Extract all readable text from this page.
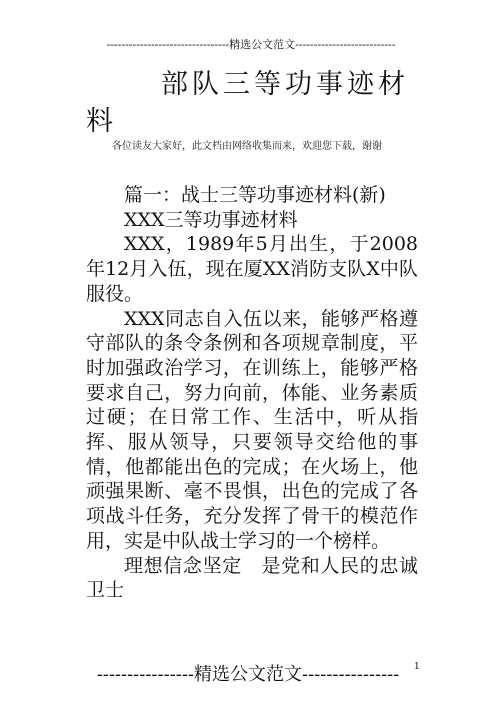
---------------------------------精选公文范文---------------------------
部队三等功事迹材料
各位读友大家好，此文档由网络收集而来，欢迎您下载，谢谢

篇一：战士三等功事迹材料(新)

XXX三等功事迹材料

XXX，1989年5月出生，于2008年12月入伍，现在厦XX消防支队X中队服役。

XXX同志自入伍以来，能够严格遵守部队的条令条例和各项规章制度，平时加强政治学习，在训练上，能够严格要求自己，努力向前，体能、业务素质过硬；在日常工作、生活中，听从指挥、服从领导，只要领导交给他的事情，他都能出色的完成；在火场上，他顽强果断、毫不畏惧，出色的完成了各项战斗任务，充分发挥了骨干的模范作用，实是中队战士学习的一个榜样。

理想信念坚定　是党和人民的忠诚卫士

----------------精选公文范文----------------	1
